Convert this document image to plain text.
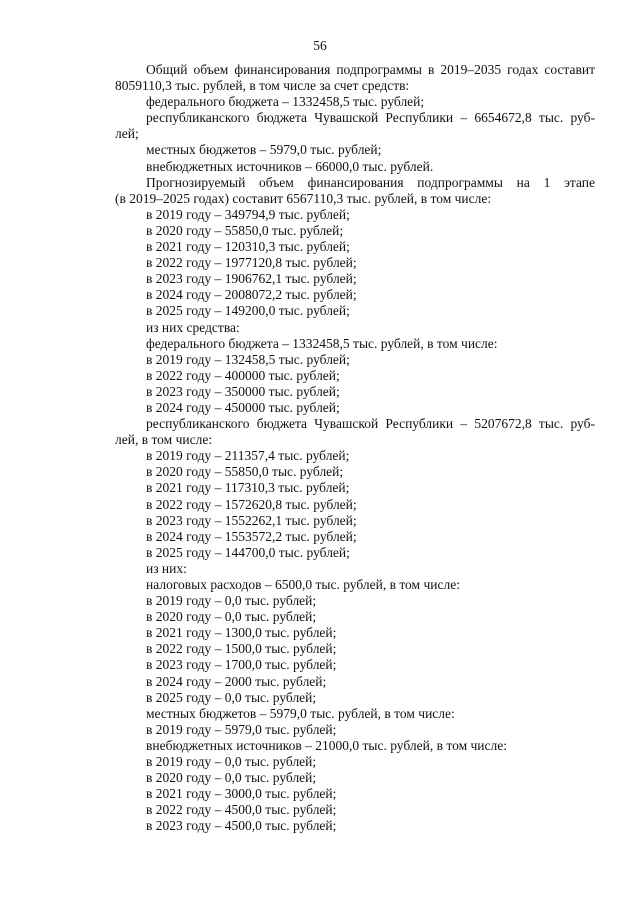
56
Общий объем финансирования подпрограммы в 2019–2035 годах составит
8059110,3 тыс. рублей, в том числе за счет средств:
федерального бюджета – 1332458,5 тыс. рублей;
республиканского бюджета Чувашской Республики – 6654672,8 тыс. руб-
лей;
местных бюджетов – 5979,0 тыс. рублей;
внебюджетных источников – 66000,0 тыс. рублей.
Прогнозируемый объем финансирования подпрограммы на 1 этапе
(в 2019–2025 годах) составит 6567110,3 тыс. рублей, в том числе:
в 2019 году – 349794,9 тыс. рублей;
в 2020 году – 55850,0 тыс. рублей;
в 2021 году – 120310,3 тыс. рублей;
в 2022 году – 1977120,8 тыс. рублей;
в 2023 году – 1906762,1 тыс. рублей;
в 2024 году – 2008072,2 тыс. рублей;
в 2025 году – 149200,0 тыс. рублей;
из них средства:
федерального бюджета – 1332458,5 тыс. рублей, в том числе:
в 2019 году – 132458,5 тыс. рублей;
в 2022 году – 400000 тыс. рублей;
в 2023 году – 350000 тыс. рублей;
в 2024 году – 450000 тыс. рублей;
республиканского бюджета Чувашской Республики – 5207672,8 тыс. руб-
лей, в том числе:
в 2019 году – 211357,4 тыс. рублей;
в 2020 году – 55850,0 тыс. рублей;
в 2021 году – 117310,3 тыс. рублей;
в 2022 году – 1572620,8 тыс. рублей;
в 2023 году – 1552262,1 тыс. рублей;
в 2024 году – 1553572,2 тыс. рублей;
в 2025 году – 144700,0 тыс. рублей;
из них:
налоговых расходов – 6500,0 тыс. рублей, в том числе:
в 2019 году – 0,0 тыс. рублей;
в 2020 году – 0,0 тыс. рублей;
в 2021 году – 1300,0 тыс. рублей;
в 2022 году – 1500,0 тыс. рублей;
в 2023 году – 1700,0 тыс. рублей;
в 2024 году – 2000 тыс. рублей;
в 2025 году – 0,0 тыс. рублей;
местных бюджетов – 5979,0 тыс. рублей, в том числе:
в 2019 году – 5979,0 тыс. рублей;
внебюджетных источников – 21000,0 тыс. рублей, в том числе:
в 2019 году – 0,0 тыс. рублей;
в 2020 году – 0,0 тыс. рублей;
в 2021 году – 3000,0 тыс. рублей;
в 2022 году – 4500,0 тыс. рублей;
в 2023 году – 4500,0 тыс. рублей;
